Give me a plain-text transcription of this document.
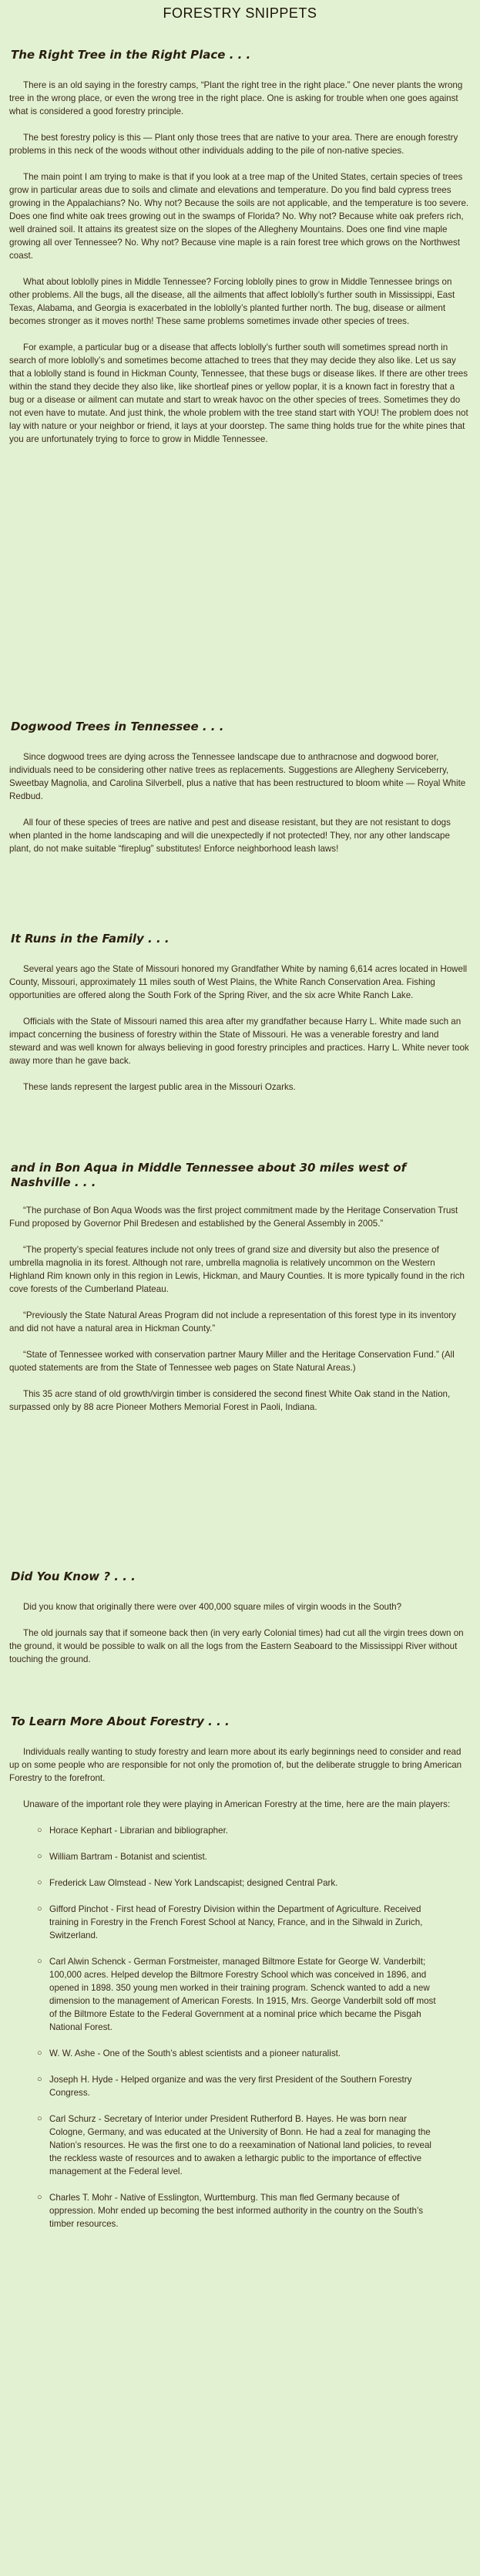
FORESTRY SNIPPETS
The Right Tree in the Right Place . . .

There is an old saying in the forestry camps, “Plant the right tree in the right place.” One never plants the wrong tree in the wrong place, or even the wrong tree in the right place. One is asking for trouble when one goes against what is considered a good forestry principle.

The best forestry policy is this — Plant only those trees that are native to your area. There are enough forestry problems in this neck of the woods without other individuals adding to the pile of non-native species.

The main point I am trying to make is that if you look at a tree map of the United States, certain species of trees grow in particular areas due to soils and climate and elevations and temperature. Do you find bald cypress trees growing in the Appalachians? No. Why not? Because the soils are not applicable, and the temperature is too severe. Does one find white oak trees growing out in the swamps of Florida? No. Why not? Because white oak prefers rich, well drained soil. It attains its greatest size on the slopes of the Allegheny Mountains. Does one find vine maple growing all over Tennessee? No. Why not? Because vine maple is a rain forest tree which grows on the Northwest coast.

What about loblolly pines in Middle Tennessee? Forcing loblolly pines to grow in Middle Tennessee brings on other problems. All the bugs, all the disease, all the ailments that affect loblolly’s further south in Mississippi, East Texas, Alabama, and Georgia is exacerbated in the loblolly’s planted further north. The bug, disease or ailment becomes stronger as it moves north! These same problems sometimes invade other species of trees.

For example, a particular bug or a disease that affects loblolly’s further south will sometimes spread north in search of more loblolly’s and sometimes become attached to trees that they may decide they also like. Let us say that a loblolly stand is found in Hickman County, Tennessee, that these bugs or disease likes. If there are other trees within the stand they decide they also like, like shortleaf pines or yellow poplar, it is a known fact in forestry that a bug or a disease or ailment can mutate and start to wreak havoc on the other species of trees. Sometimes they do not even have to mutate. And just think, the whole problem with the tree stand start with YOU! The problem does not lay with nature or your neighbor or friend, it lays at your doorstep. The same thing holds true for the white pines that you are unfortunately trying to force to grow in Middle Tennessee.

Dogwood Trees in Tennessee . . .

Since dogwood trees are dying across the Tennessee landscape due to anthracnose and dogwood borer, individuals need to be considering other native trees as replacements. Suggestions are Allegheny Serviceberry, Sweetbay Magnolia, and Carolina Silverbell, plus a native that has been restructured to bloom white — Royal White Redbud.

All four of these species of trees are native and pest and disease resistant, but they are not resistant to dogs when planted in the home landscaping and will die unexpectedly if not protected! They, nor any other landscape plant, do not make suitable “fireplug” substitutes! Enforce neighborhood leash laws!

It Runs in the Family . . .

Several years ago the State of Missouri honored my Grandfather White by naming 6,614 acres located in Howell County, Missouri, approximately 11 miles south of West Plains, the White Ranch Conservation Area. Fishing opportunities are offered along the South Fork of the Spring River, and the six acre White Ranch Lake.

Officials with the State of Missouri named this area after my grandfather because Harry L. White made such an impact concerning the business of forestry within the State of Missouri. He was a venerable forestry and land steward and was well known for always believing in good forestry principles and practices. Harry L. White never took away more than he gave back.

These lands represent the largest public area in the Missouri Ozarks.

and in Bon Aqua in Middle Tennessee about 30 miles west of Nashville . . .

“The purchase of Bon Aqua Woods was the first project commitment made by the Heritage Conservation Trust Fund proposed by Governor Phil Bredesen and established by the General Assembly in 2005.”

“The property’s special features include not only trees of grand size and diversity but also the presence of umbrella magnolia in its forest. Although not rare, umbrella magnolia is relatively uncommon on the Western Highland Rim known only in this region in Lewis, Hickman, and Maury Counties. It is more typically found in the rich cove forests of the Cumberland Plateau.

“Previously the State Natural Areas Program did not include a representation of this forest type in its inventory and did not have a natural area in Hickman County.”

“State of Tennessee worked with conservation partner Maury Miller and the Heritage Conservation Fund.” (All quoted statements are from the State of Tennessee web pages on State Natural Areas.)

This 35 acre stand of old growth/virgin timber is considered the second finest White Oak stand in the Nation, surpassed only by 88 acre Pioneer Mothers Memorial Forest in Paoli, Indiana.

Did You Know ? . . .

Did you know that originally there were over 400,000 square miles of virgin woods in the South?

The old journals say that if someone back then (in very early Colonial times) had cut all the virgin trees down on the ground, it would be possible to walk on all the logs from the Eastern Seaboard to the Mississippi River without touching the ground.

To Learn More About Forestry . . .

Individuals really wanting to study forestry and learn more about its early beginnings need to consider and read up on some people who are responsible for not only the promotion of, but the deliberate struggle to bring American Forestry to the forefront.

Unaware of the important role they were playing in American Forestry at the time, here are the main players:

○ Horace Kephart - Librarian and bibliographer.
○ William Bartram - Botanist and scientist.
○ Frederick Law Olmstead - New York Landscapist; designed Central Park.
○ Gifford Pinchot - First head of Forestry Division within the Department of Agriculture. Received training in Forestry in the French Forest School at Nancy, France, and in the Sihwald in Zurich, Switzerland.
○ Carl Alwin Schenck - German Forstmeister, managed Biltmore Estate for George W. Vanderbilt; 100,000 acres. Helped develop the Biltmore Forestry School which was conceived in 1896, and opened in 1898. 350 young men worked in their training program. Schenck wanted to add a new dimension to the management of American Forests. In 1915, Mrs. George Vanderbilt sold off most of the Biltmore Estate to the Federal Government at a nominal price which became the Pisgah National Forest.
○ W. W. Ashe - One of the South’s ablest scientists and a pioneer naturalist.
○ Joseph H. Hyde - Helped organize and was the very first President of the Southern Forestry Congress.
○ Carl Schurz - Secretary of Interior under President Rutherford B. Hayes. He was born near Cologne, Germany, and was educated at the University of Bonn. He had a zeal for managing the Nation’s resources. He was the first one to do a reexamination of National land policies, to reveal the reckless waste of resources and to awaken a lethargic public to the importance of effective management at the Federal level.
○ Charles T. Mohr - Native of Esslington, Wurttemburg. This man fled Germany because of oppression. Mohr ended up becoming the best informed authority in the country on the South’s timber resources.
